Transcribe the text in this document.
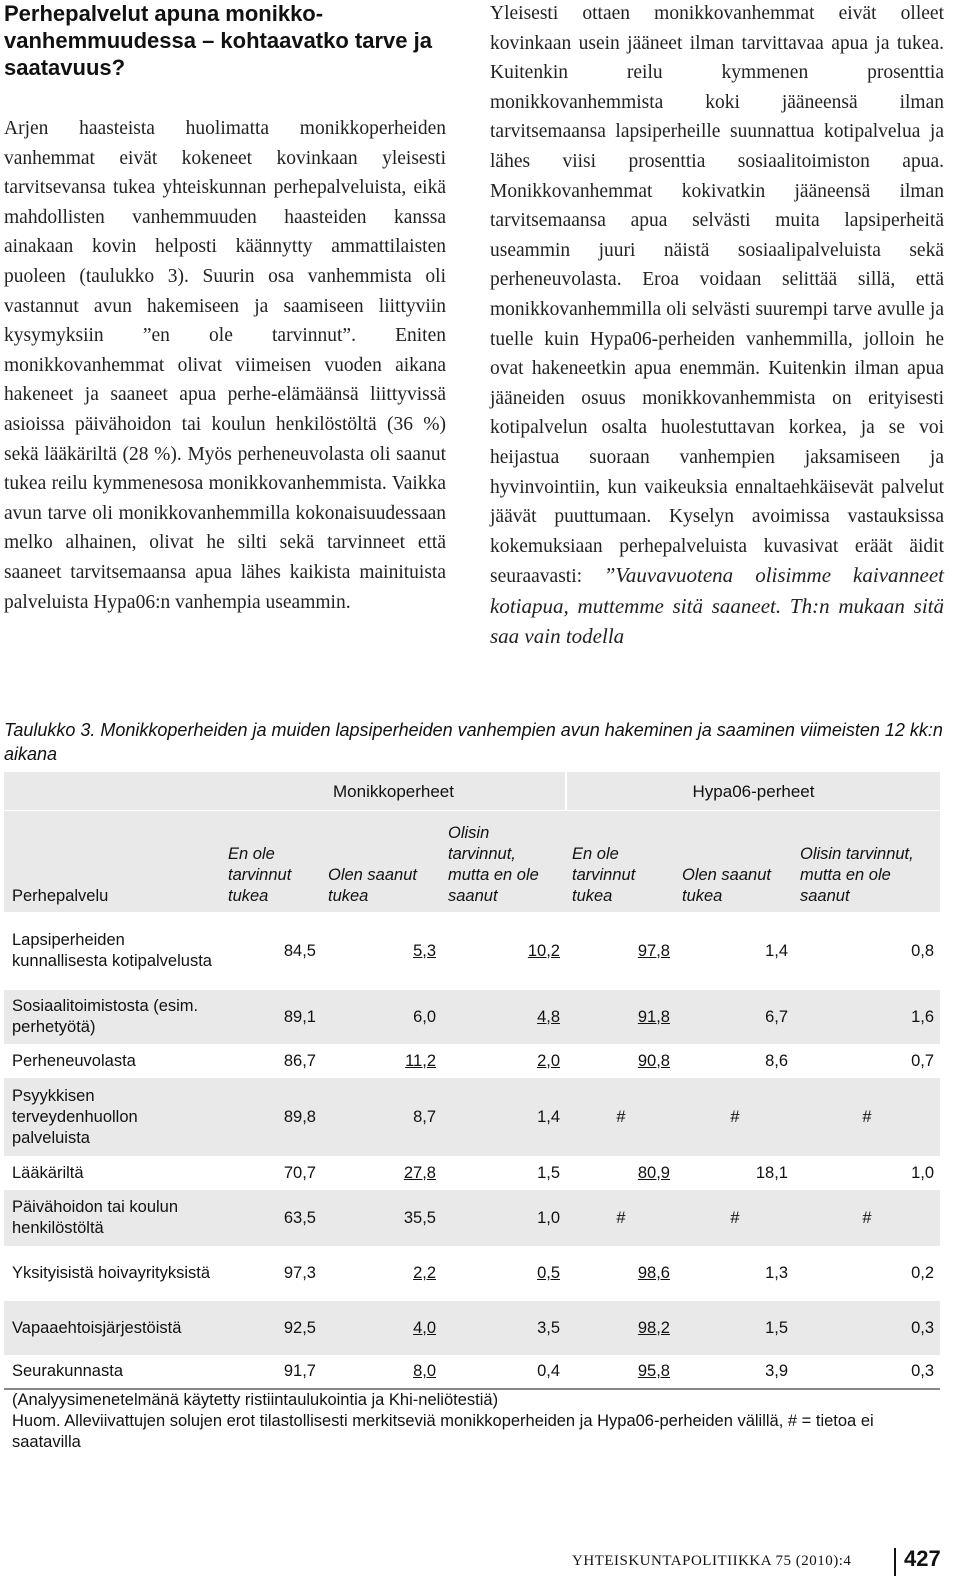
Perhepalvelut apuna monikko-vanhemmuudessa – kohtaavatko tarve ja saatavuus?

Arjen haasteista huolimatta monikkoperheiden vanhemmat eivät kokeneet kovinkaan yleisesti tarvitsevansa tukea yhteiskunnan perhepalveluista, eikä mahdollisten vanhemmuuden haasteiden kanssa ainakaan kovin helposti käännytty ammattilaisten puoleen (taulukko 3). Suurin osa vanhemmista oli vastannut avun hakemiseen ja saamiseen liittyviin kysymyksiin ”en ole tarvinnut”. Eniten monikkovanhemmat olivat viimeisen vuoden aikana hakeneet ja saaneet apua perhe-elämäänsä liittyvissä asioissa päivähoidon tai koulun henkilöstöltä (36 %) sekä lääkäriltä (28 %). Myös perheneuvolasta oli saanut tukea reilu kymmenesosa monikkovanhemmista. Vaikka avun tarve oli monikkovanhemmilla kokonaisuudessaan melko alhainen, olivat he silti sekä tarvinneet että saaneet tarvitsemaansa apua lähes kaikista mainituista palveluista Hypa06:n vanhempia useammin.

Yleisesti ottaen monikkovanhemmat eivät olleet kovinkaan usein jääneet ilman tarvittavaa apua ja tukea. Kuitenkin reilu kymmenen prosenttia monikkovanhemmista koki jääneensä ilman tarvitsemaansa lapsiperheille suunnattua kotipalvelua ja lähes viisi prosenttia sosiaalitoimiston apua. Monikkovanhemmat kokivatkin jääneensä ilman tarvitsemaansa apua selvästi muita lapsiperheitä useammin juuri näistä sosiaalipalveluista sekä perheneuvolasta. Eroa voidaan selittää sillä, että monikkovanhemmilla oli selvästi suurempi tarve avulle ja tuelle kuin Hypa06-perheiden vanhemmilla, jolloin he ovat hakeneetkin apua enemmän. Kuitenkin ilman apua jääneiden osuus monikkovanhemmista on erityisesti kotipalvelun osalta huolestuttavan korkea, ja se voi heijastua suoraan vanhempien jaksamiseen ja hyvinvointiin, kun vaikeuksia ennaltaehkäisevät palvelut jäävät puuttumaan. Kyselyn avoimissa vastauksissa kokemuksiaan perhepalveluista kuvasivat eräät äidit seuraavasti: ”Vauvavuotena olisimme kaivanneet kotiapua, muttemme sitä saaneet. Th:n mukaan sitä saa vain todella

Taulukko 3. Monikkoperheiden ja muiden lapsiperheiden vanhempien avun hakeminen ja saaminen viimeisten 12 kk:n aikana

	Monikkoperheet			Hypa06-perheet		
Perhepalvelu	En ole tarvinnut tukea	Olen saanut tukea	Olisin tarvinnut, mutta en ole saanut	En ole tarvinnut tukea	Olen saanut tukea	Olisin tarvinnut, mutta en ole saanut
Lapsiperheiden kunnallisesta kotipalvelusta	84,5	5,3	10,2	97,8	1,4	0,8
Sosiaalitoimistosta (esim. perhetyötä)	89,1	6,0	4,8	91,8	6,7	1,6
Perheneuvolasta	86,7	11,2	2,0	90,8	8,6	0,7
Psyykkisen terveydenhuollon palveluista	89,8	8,7	1,4	#	#	#
Lääkäriltä	70,7	27,8	1,5	80,9	18,1	1,0
Päivähoidon tai koulun henkilöstöltä	63,5	35,5	1,0	#	#	#
Yksityisistä hoivayrityksistä	97,3	2,2	0,5	98,6	1,3	0,2
Vapaaehtoisjärjestöistä	92,5	4,0	3,5	98,2	1,5	0,3
Seurakunnasta	91,7	8,0	0,4	95,8	3,9	0,3

(Analyysimenetelmänä käytetty ristiintaulukointia ja Khi-neliötestiä)

Huom. Alleviivattujen solujen erot tilastollisesti merkitseviä monikkoperheiden ja Hypa06-perheiden välillä, # = tietoa ei saatavilla

YHTEISKUNTAPOLITIIKKA 75 (2010):4 427
